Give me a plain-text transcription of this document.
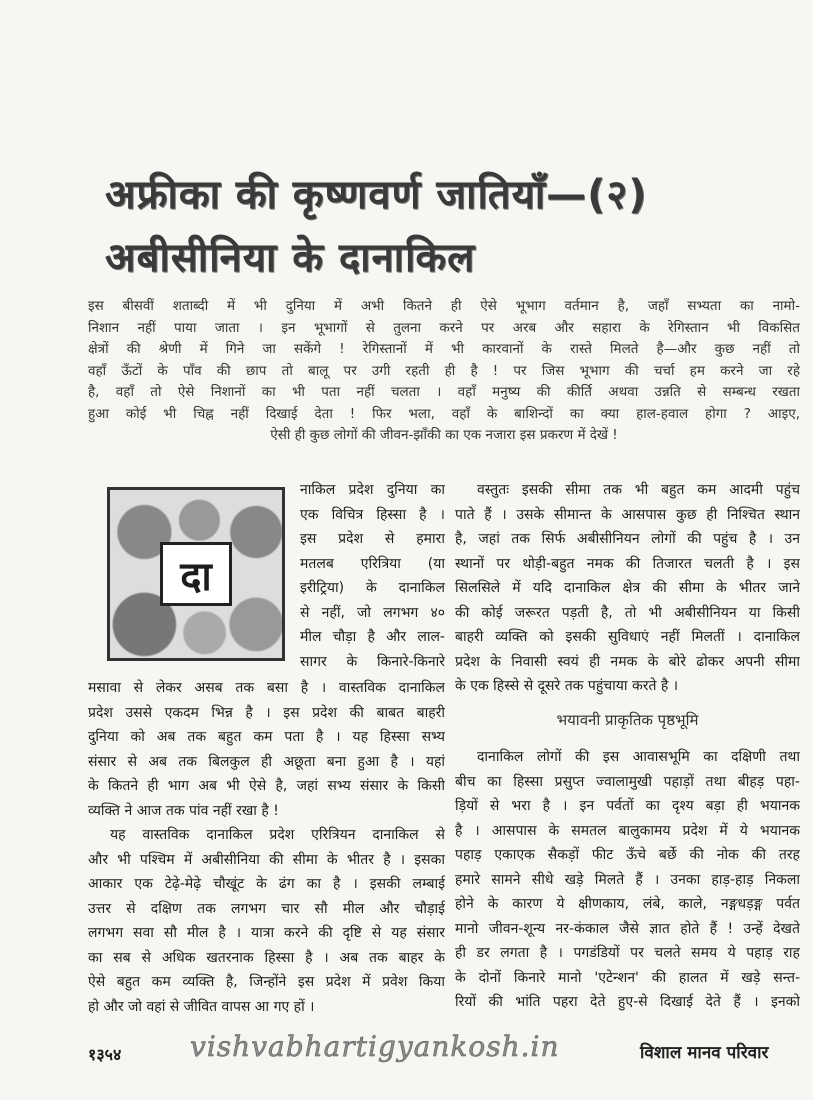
अफ्रीका की कृष्णवर्ण जातियाँ—(२)
अबीसीनिया के दानाकिल
इस बीसवीं शताब्दी में भी दुनिया में अभी कितने ही ऐसे भूभाग वर्तमान है, जहाँ सभ्यता का नामो-
निशान नहीं पाया जाता । इन भूभागों से तुलना करने पर अरब और सहारा के रेगिस्तान भी विकसित
क्षेत्रों की श्रेणी में गिने जा सकेंगे ! रेगिस्तानों में भी कारवानों के रास्ते मिलते है—और कुछ नहीं तो
वहाँ ऊँटों के पाँव की छाप तो बालू पर उगी रहती ही है ! पर जिस भूभाग की चर्चा हम करने जा रहे
है, वहाँ तो ऐसे निशानों का भी पता नहीं चलता । वहाँ मनुष्य की कीर्ति अथवा उन्नति से सम्बन्ध रखता
हुआ कोई भी चिह्न नहीं दिखाई देता ! फिर भला, वहाँ के बाशिन्दों का क्या हाल-हवाल होगा ? आइए,
ऐसी ही कुछ लोगों की जीवन-झाँकी का एक नजारा इस प्रकरण में देखें !
दा
नाकिल प्रदेश दुनिया का
एक विचित्र हिस्सा है ।
इस प्रदेश से हमारा
मतलब एरित्रिया (या
इरीट्रिया) के दानाकिल
से नहीं, जो लगभग ४०
मील चौड़ा है और लाल-
सागर के किनारे-किनारे
मसावा से लेकर असब तक बसा है । वास्तविक दानाकिल
प्रदेश उससे एकदम भिन्न है । इस प्रदेश की बाबत बाहरी
दुनिया को अब तक बहुत कम पता है । यह हिस्सा सभ्य
संसार से अब तक बिलकुल ही अछूता बना हुआ है । यहां
के कितने ही भाग अब भी ऐसे है, जहां सभ्य संसार के किसी
व्यक्ति ने आज तक पांव नहीं रखा है !
यह वास्तविक दानाकिल प्रदेश एरित्रियन दानाकिल से
और भी पश्चिम में अबीसीनिया की सीमा के भीतर है । इसका
आकार एक टेढ़े-मेढ़े चौखूंट के ढंग का है । इसकी लम्बाई
उत्तर से दक्षिण तक लगभग चार सौ मील और चौड़ाई
लगभग सवा सौ मील है । यात्रा करने की दृष्टि से यह संसार
का सब से अधिक खतरनाक हिस्सा है । अब तक बाहर के
ऐसे बहुत कम व्यक्ति है, जिन्होंने इस प्रदेश में प्रवेश किया
हो और जो वहां से जीवित वापस आ गए हों ।
वस्तुतः इसकी सीमा तक भी बहुत कम आदमी पहुंच
पाते हैं । उसके सीमान्त के आसपास कुछ ही निश्चित स्थान
है, जहां तक सिर्फ अबीसीनियन लोगों की पहुंच है । उन
स्थानों पर थोड़ी-बहुत नमक की तिजारत चलती है । इस
सिलसिले में यदि दानाकिल क्षेत्र की सीमा के भीतर जाने
की कोई जरूरत पड़ती है, तो भी अबीसीनियन या किसी
बाहरी व्यक्ति को इसकी सुविधाएं नहीं मिलतीं । दानाकिल
प्रदेश के निवासी स्वयं ही नमक के बोरे ढोकर अपनी सीमा
के एक हिस्से से दूसरे तक पहुंचाया करते है ।
भयावनी प्राकृतिक पृष्ठभूमि
दानाकिल लोगों की इस आवासभूमि का दक्षिणी तथा
बीच का हिस्सा प्रसुप्त ज्वालामुखी पहाड़ों तथा बीहड़ पहा-
ड़ियों से भरा है । इन पर्वतों का दृश्य बड़ा ही भयानक
है । आसपास के समतल बालुकामय प्रदेश में ये भयानक
पहाड़ एकाएक सैकड़ों फीट ऊँचे बर्छे की नोक की तरह
हमारे सामने सीधे खड़े मिलते हैं । उनका हाड़-हाड़ निकला
होने के कारण ये क्षीणकाय, लंबे, काले, नङ्गधड़ङ्ग पर्वत
मानो जीवन-शून्य नर-कंकाल जैसे ज्ञात होते हैं ! उन्हें देखते
ही डर लगता है । पगडंडियों पर चलते समय ये पहाड़ राह
के दोनों किनारे मानो 'एटेन्शन' की हालत में खड़े सन्त-
रियों की भांति पहरा देते हुए-से दिखाई देते हैं । इनको
१३५४ vishvabhartigyankosh.in	विशाल मानव परिवार
